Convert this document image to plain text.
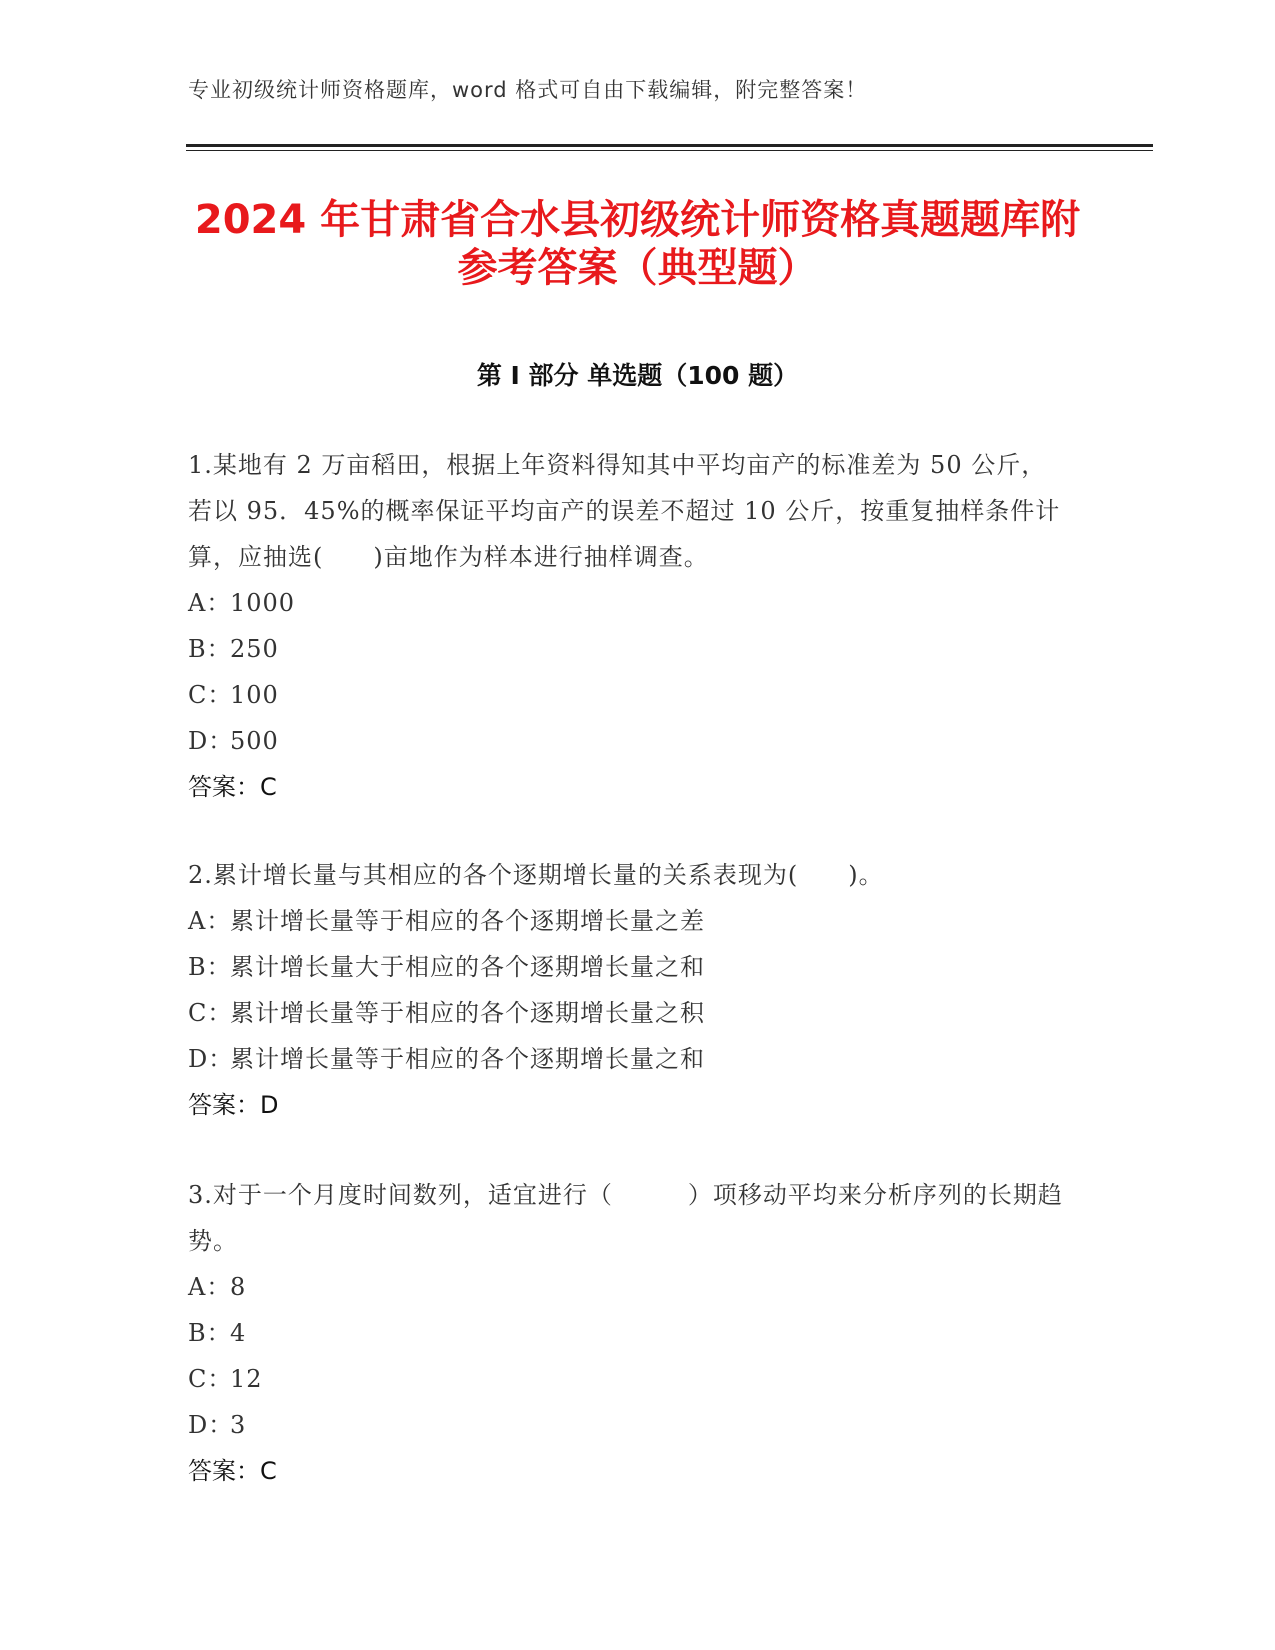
专业初级统计师资格题库，word 格式可自由下载编辑，附完整答案！
2024 年甘肃省合水县初级统计师资格真题题库附参考答案（典型题）
第 I 部分 单选题（100 题）
1.某地有 2 万亩稻田，根据上年资料得知其中平均亩产的标准差为 50 公斤，若以 95．45%的概率保证平均亩产的误差不超过 10 公斤，按重复抽样条件计算，应抽选(　　)亩地作为样本进行抽样调查。
A：1000
B：250
C：100
D：500
答案：C
2.累计增长量与其相应的各个逐期增长量的关系表现为(　　)。
A：累计增长量等于相应的各个逐期增长量之差
B：累计增长量大于相应的各个逐期增长量之和
C：累计增长量等于相应的各个逐期增长量之积
D：累计增长量等于相应的各个逐期增长量之和
答案：D
3.对于一个月度时间数列，适宜进行（　　　）项移动平均来分析序列的长期趋势。
A：8
B：4
C：12
D：3
答案：C
